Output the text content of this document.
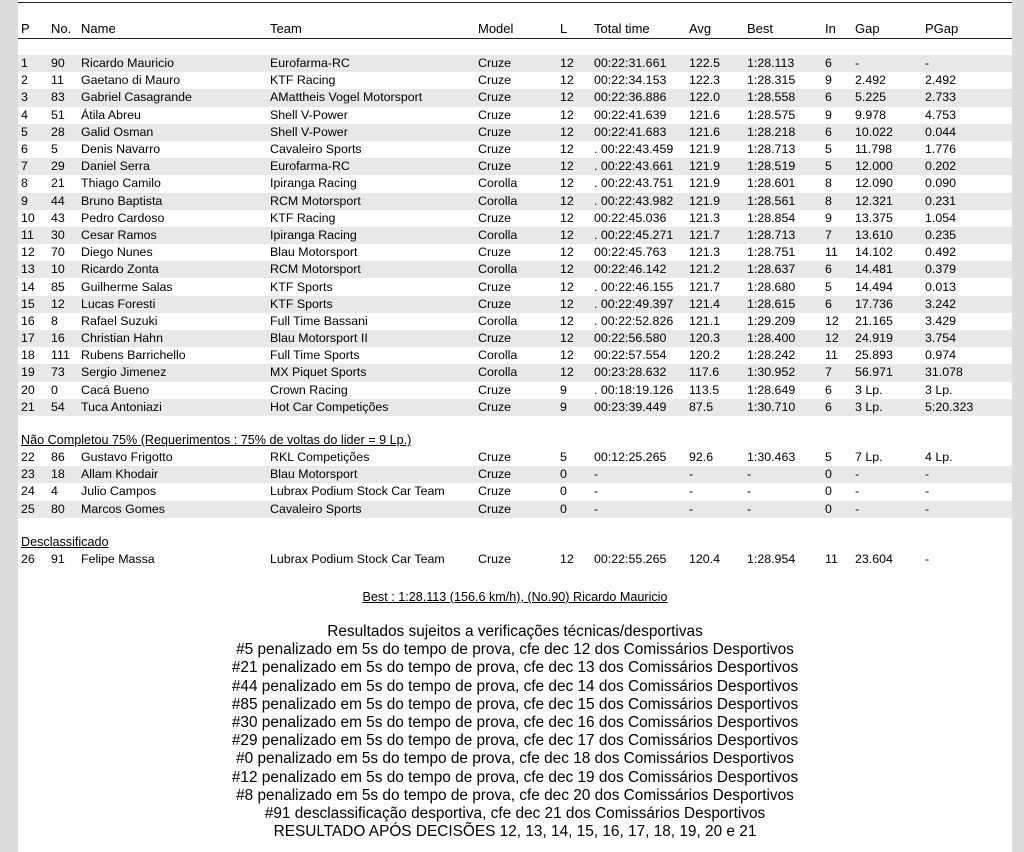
P	No.	Name	Team	Model	L	Total time	Avg	Best	In	Gap	PGap

1	90	Ricardo Mauricio	Eurofarma-RC	Cruze	12	00:22:31.661	122.5	1:28.113	6	-	-
2	11	Gaetano di Mauro	KTF Racing	Cruze	12	00:22:34.153	122.3	1:28.315	9	2.492	2.492
3	83	Gabriel Casagrande	AMattheis Vogel Motorsport	Cruze	12	00:22:36.886	122.0	1:28.558	6	5.225	2.733
4	51	Átila Abreu	Shell V-Power	Cruze	12	00:22:41.639	121.6	1:28.575	9	9.978	4.753
5	28	Galid Osman	Shell V-Power	Cruze	12	00:22:41.683	121.6	1:28.218	6	10.022	0.044
6	5	Denis Navarro	Cavaleiro Sports	Cruze	12	. 00:22:43.459	121.9	1:28.713	5	11.798	1.776
7	29	Daniel Serra	Eurofarma-RC	Cruze	12	. 00:22:43.661	121.9	1:28.519	5	12.000	0.202
8	21	Thiago Camilo	Ipiranga Racing	Corolla	12	. 00:22:43.751	121.9	1:28.601	8	12.090	0.090
9	44	Bruno Baptista	RCM Motorsport	Corolla	12	. 00:22:43.982	121.9	1:28.561	8	12.321	0.231
10	43	Pedro Cardoso	KTF Racing	Cruze	12	00:22:45.036	121.3	1:28.854	9	13.375	1.054
11	30	Cesar Ramos	Ipiranga Racing	Corolla	12	. 00:22:45.271	121.7	1:28.713	7	13.610	0.235
12	70	Diego Nunes	Blau Motorsport	Cruze	12	00:22:45.763	121.3	1:28.751	11	14.102	0.492
13	10	Ricardo Zonta	RCM Motorsport	Corolla	12	00:22:46.142	121.2	1:28.637	6	14.481	0.379
14	85	Guilherme Salas	KTF Sports	Cruze	12	. 00:22:46.155	121.7	1:28.680	5	14.494	0.013
15	12	Lucas Foresti	KTF Sports	Cruze	12	. 00:22:49.397	121.4	1:28.615	6	17.736	3.242
16	8	Rafael Suzuki	Full Time Bassani	Corolla	12	. 00:22:52.826	121.1	1:29.209	12	21.165	3.429
17	16	Christian Hahn	Blau Motorsport II	Cruze	12	00:22:56.580	120.3	1:28.400	12	24.919	3.754
18	111	Rubens Barrichello	Full Time Sports	Corolla	12	00:22:57.554	120.2	1:28.242	11	25.893	0.974
19	73	Sergio Jimenez	MX Piquet Sports	Corolla	12	00:23:28.632	117.6	1:30.952	7	56.971	31.078
20	0	Cacá Bueno	Crown Racing	Cruze	9	. 00:18:19.126	113.5	1:28.649	6	3 Lp.	3 Lp.
21	54	Tuca Antoniazi	Hot Car Competições	Cruze	9	00:23:39.449	87.5	1:30.710	6	3 Lp.	5:20.323

Não Completou 75% (Requerimentos : 75% de voltas do lider = 9 Lp.)											
22	86	Gustavo Frigotto	RKL Competições	Cruze	5	00:12:25.265	92.6	1:30.463	5	7 Lp.	4 Lp.
23	18	Allam Khodair	Blau Motorsport	Cruze	0	-	-	-	0	-	-
24	4	Julio Campos	Lubrax Podium Stock Car Team	Cruze	0	-	-	-	0	-	-
25	80	Marcos Gomes	Cavaleiro Sports	Cruze	0	-	-	-	0	-	-

Desclassificado											
26	91	Felipe Massa	Lubrax Podium Stock Car Team	Cruze	12	00:22:55.265	120.4	1:28.954	11	23.604	-
Best : 1:28.113 (156.6 km/h), (No.90) Ricardo Mauricio
Resultados sujeitos a verificações técnicas/desportivas
#5 penalizado em 5s do tempo de prova, cfe dec 12 dos Comissários Desportivos
#21 penalizado em 5s do tempo de prova, cfe dec 13 dos Comissários Desportivos
#44 penalizado em 5s do tempo de prova, cfe dec 14 dos Comissários Desportivos
#85 penalizado em 5s do tempo de prova, cfe dec 15 dos Comissários Desportivos
#30 penalizado em 5s do tempo de prova, cfe dec 16 dos Comissários Desportivos
#29 penalizado em 5s do tempo de prova, cfe dec 17 dos Comissários Desportivos
#0 penalizado em 5s do tempo de prova, cfe dec 18 dos Comissários Desportivos
#12 penalizado em 5s do tempo de prova, cfe dec 19 dos Comissários Desportivos
#8 penalizado em 5s do tempo de prova, cfe dec 20 dos Comissários Desportivos
#91 desclassificação desportiva, cfe dec 21 dos Comissários Desportivos
RESULTADO APÓS DECISÕES 12, 13, 14, 15, 16, 17, 18, 19, 20 e 21
